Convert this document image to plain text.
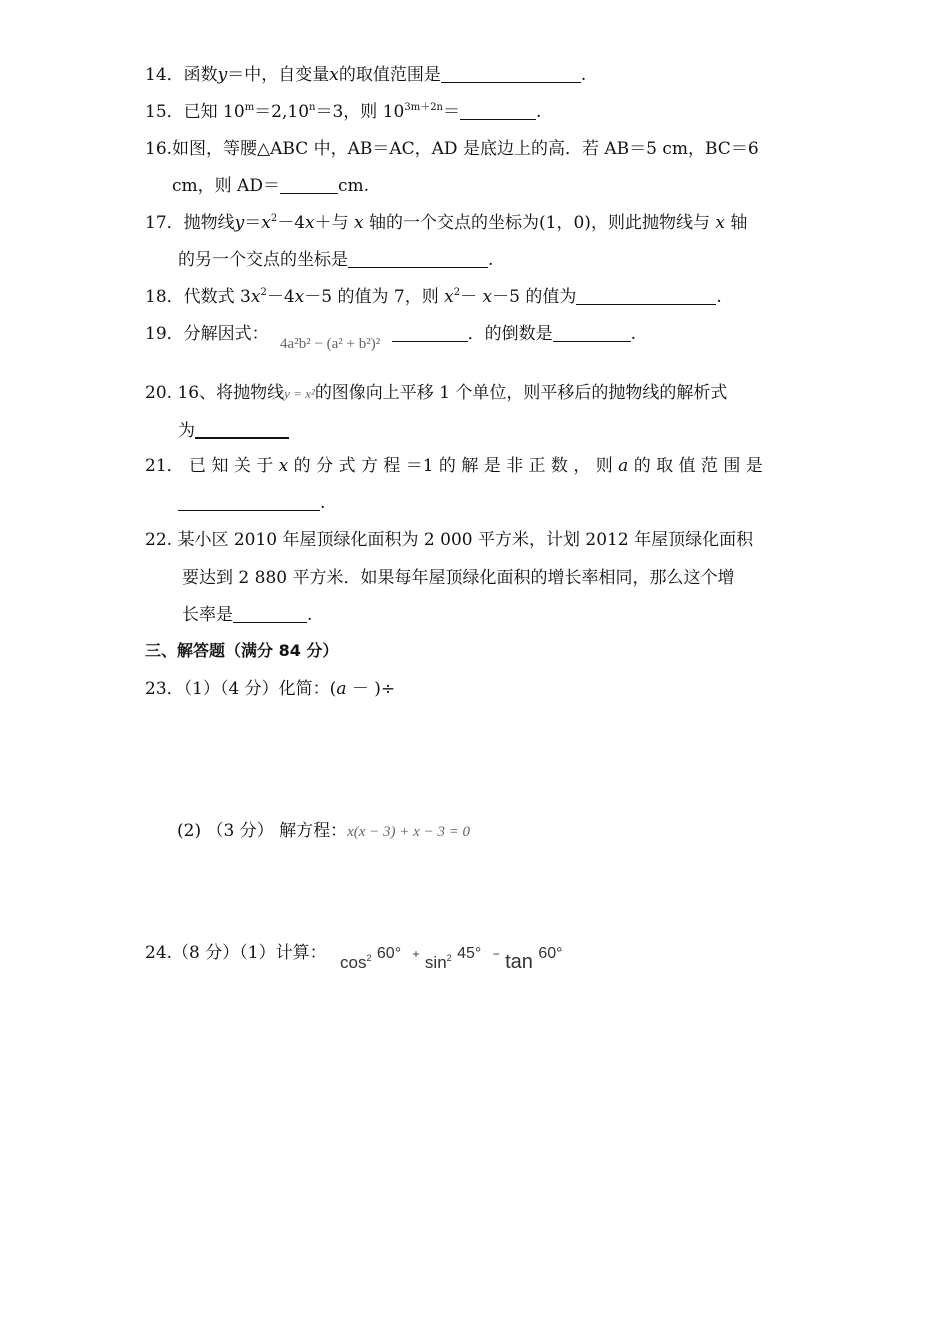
14．函数y＝中，自变量x的取值范围是	.
15．已知 $10^m=2,10^n=3$，则 $10^{3m+2n}=$	.
16.如图，等腰△ABC 中，AB＝AC，AD 是底边上的高．若 AB＝5 cm，BC＝6
cm，则 AD＝	cm.
17．抛物线$y=x^2-4x+$与 x 轴的一个交点的坐标为(1，0)，则此抛物线与 x 轴
的另一个交点的坐标是	.
18．代数式 $3x^2-4x-5$ 的值为 7，则 $x^2- x-5$ 的值为	.
19．分解因式： 4a²b² − (a² + b²)²	．的倒数是	.
20. 16、将抛物线y = x²的图像向上平移 1 个单位，则平移后的抛物线的解析式
为
21． 已 知 关 于 x 的 分 式 方 程 ＝1 的 解 是 非 正 数 ， 则 a 的 取 值 范 围 是
.
22. 某小区 2010 年屋顶绿化面积为 2 000 平方米，计划 2012 年屋顶绿化面积
要达到 2 880 平方米．如果每年屋顶绿化面积的增长率相同，那么这个增
长率是	.
三、解答题（满分 84 分）
23．（1）（4 分）化简：(a － )÷
(2) （3 分） 解方程：x(x − 3) + x − 3 = 0
24.（8 分）（1）计算： $\cos^2 60^\circ + \sin^2 45^\circ - \tan 60^\circ$
